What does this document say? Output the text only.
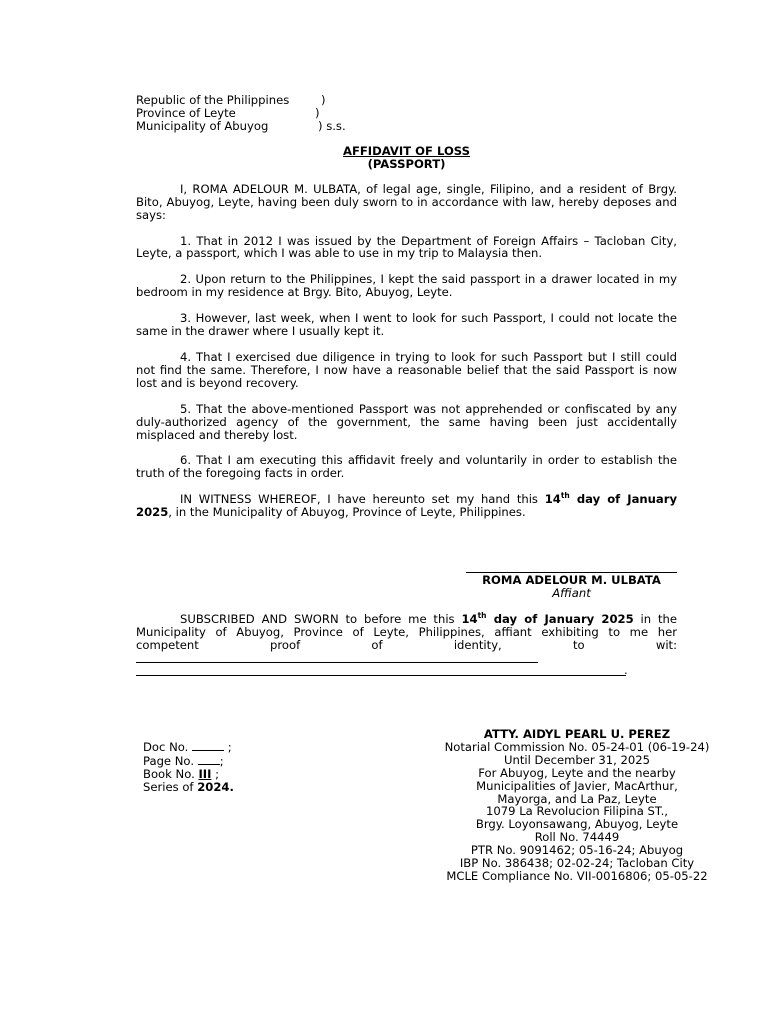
Republic of the Philippines	)
Province of Leyte	)
Municipality of Abuyog	) s.s.
AFFIDAVIT OF LOSS
(PASSPORT)

I, ROMA ADELOUR M. ULBATA, of legal age, single, Filipino, and a resident of Brgy. Bito, Abuyog, Leyte, having been duly sworn to in accordance with law, hereby deposes and says:

1. That in 2012 I was issued by the Department of Foreign Affairs – Tacloban City, Leyte, a passport, which I was able to use in my trip to Malaysia then.

2. Upon return to the Philippines, I kept the said passport in a drawer located in my bedroom in my residence at Brgy. Bito, Abuyog, Leyte.

3. However, last week, when I went to look for such Passport, I could not locate the same in the drawer where I usually kept it.

4. That I exercised due diligence in trying to look for such Passport but I still could not find the same. Therefore, I now have a reasonable belief that the said Passport is now lost and is beyond recovery.

5. That the above-mentioned Passport was not apprehended or confiscated by any duly-authorized agency of the government, the same having been just accidentally misplaced and thereby lost.

6. That I am executing this affidavit freely and voluntarily in order to establish the truth of the foregoing facts in order.

IN WITNESS WHEREOF, I have hereunto set my hand this 14th day of January 2025, in the Municipality of Abuyog, Province of Leyte, Philippines.

ROMA ADELOUR M. ULBATA
Affiant

SUBSCRIBED AND SWORN to before me this 14th day of January 2025 in the Municipality of Abuyog, Province of Leyte, Philippines, affiant exhibiting to me her competent proof of identity, to wit:

.
Doc No.	;
Page No. ;
Book No. III ;
Series of 2024.
ATTY. AIDYL PEARL U. PEREZ
Notarial Commission No. 05-24-01 (06-19-24)
Until December 31, 2025
For Abuyog, Leyte and the nearby Municipalities of Javier, MacArthur, Mayorga, and La Paz, Leyte
1079 La Revolucion Filipina ST.,
Brgy. Loyonsawang, Abuyog, Leyte
Roll No. 74449
PTR No. 9091462; 05-16-24; Abuyog
IBP No. 386438; 02-02-24; Tacloban City
MCLE Compliance No. VII-0016806; 05-05-22
